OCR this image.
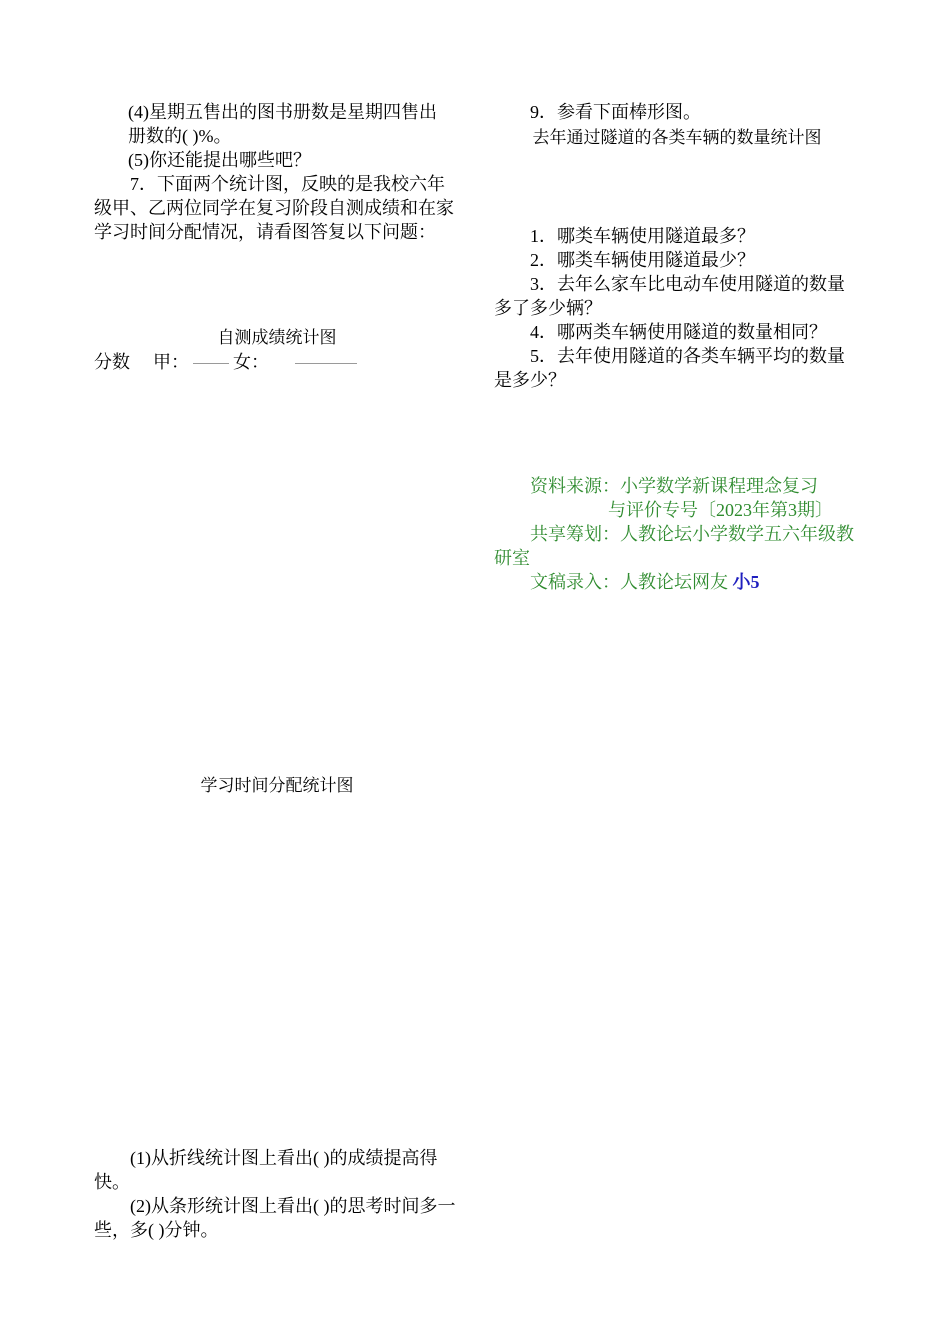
(4)星期五售出的图书册数是星期四售出

册数的( )%。

(5)你还能提出哪些吧？

7．下面两个统计图，反映的是我校六年级甲、乙两位同学在复习阶段自测成绩和在家学习时间分配情况，请看图答复以下问题：

自测成绩统计图

分数 甲： 女：

学习时间分配统计图

(1)从折线统计图上看出( )的成绩提高得快。

(2)从条形统计图上看出( )的思考时间多一些，多( )分钟。

9．参看下面棒形图。

去年通过隧道的各类车辆的数量统计图

1．哪类车辆使用隧道最多？

2．哪类车辆使用隧道最少？

3．去年么家车比电动车使用隧道的数量多了多少辆？

4．哪两类车辆使用隧道的数量相同？

5．去年使用隧道的各类车辆平均的数量是多少？

资料来源：小学数学新课程理念复习

与评价专号〔2023年第3期〕

共享筹划：人教论坛小学数学五六年级教研室

文稿录入：人教论坛网友 小5
